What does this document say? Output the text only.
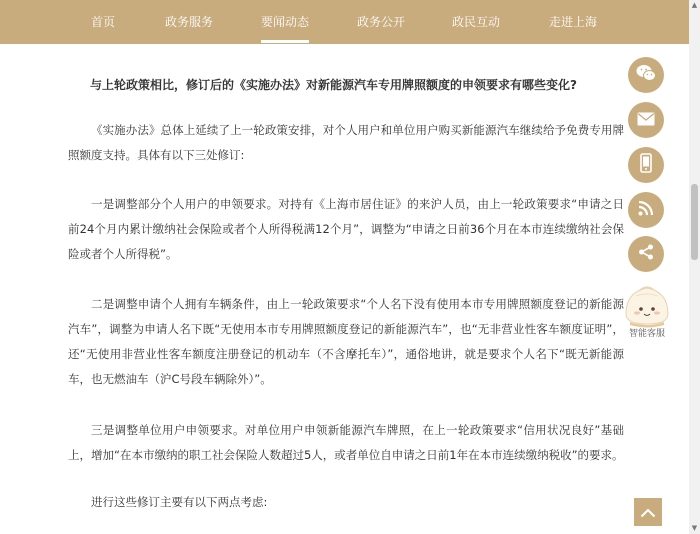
首页	政务服务	要闻动态	政务公开	政民互动	走进上海
与上轮政策相比，修订后的《实施办法》对新能源汽车专用牌照额度的申领要求有哪些变化?
《实施办法》总体上延续了上一轮政策安排，对个人用户和单位用户购买新能源汽车继续给予免费专用牌照额度支持。具体有以下三处修订:
一是调整部分个人用户的申领要求。对持有《上海市居住证》的来沪人员，由上一轮政策要求“申请之日前24个月内累计缴纳社会保险或者个人所得税满12个月”，调整为“申请之日前36个月在本市连续缴纳社会保险或者个人所得税”。
二是调整申请个人拥有车辆条件，由上一轮政策要求“个人名下没有使用本市专用牌照额度登记的新能源汽车”，调整为申请人名下既“无使用本市专用牌照额度登记的新能源汽车”，也“无非营业性客车额度证明”，还“无使用非营业性客车额度注册登记的机动车（不含摩托车）”，通俗地讲，就是要求个人名下“既无新能源车，也无燃油车（沪C号段车辆除外）”。
三是调整单位用户申领要求。对单位用户申领新能源汽车牌照，在上一轮政策要求“信用状况良好”基础上，增加“在本市缴纳的职工社会保险人数超过5人，或者单位自申请之日前1年在本市连续缴纳税收”的要求。
进行这些修订主要有以下两点考虑:
智能客服
▲
▼
